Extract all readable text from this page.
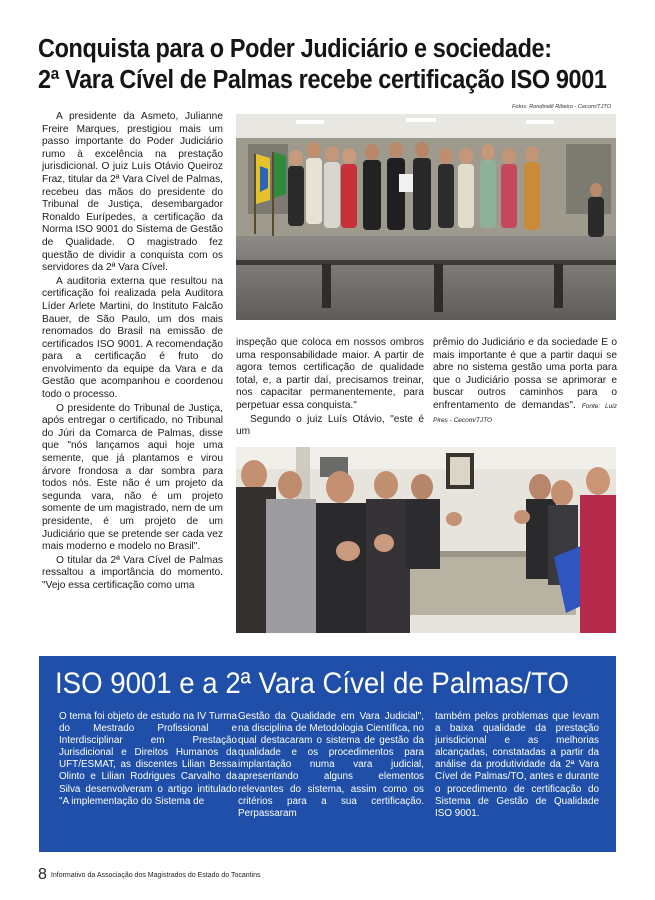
Conquista para o Poder Judiciário e sociedade:
2ª Vara Cível de Palmas recebe certificação ISO 9001
Fotos: Rondinelli Ribeiro - Cecom/TJTO

A presidente da Asmeto, Julianne Freire Marques, prestigiou mais um passo importante do Poder Judiciário rumo à excelência na prestação jurisdicional. O juiz Luís Otávio Queiroz Fraz, titular da 2ª Vara Cível de Palmas, recebeu das mãos do presidente do Tribunal de Justiça, desembargador Ronaldo Eurípedes, a certificação da Norma ISO 9001 do Sistema de Gestão de Qualidade. O magistrado fez questão de dividir a conquista com os servidores da 2ª Vara Cível.

A auditoria externa que resultou na certificação foi realizada pela Auditora Líder Arlete Martini, do Instituto Falcão Bauer, de São Paulo, um dos mais renomados do Brasil na emissão de certificados ISO 9001. A recomendação para a certificação é fruto do envolvimento da equipe da Vara e da Gestão que acompanhou e coordenou todo o processo.

O presidente do Tribunal de Justiça, após entregar o certificado, no Tribunal do Júri da Comarca de Palmas, disse que "nós lançamos aqui hoje uma semente, que já plantamos e virou árvore frondosa a dar sombra para todos nós. Este não é um projeto da segunda vara, não é um projeto somente de um magistrado, nem de um presidente, é um projeto de um Judiciário que se pretende ser cada vez mais moderno e modelo no Brasil".

O titular da 2ª Vara Cível de Palmas ressaltou a importância do momento. "Vejo essa certificação como uma

inspeção que coloca em nossos ombros uma responsabilidade maior. A partir de agora temos certificação de qualidade total, e, a partir daí, precisamos treinar, nos capacitar permanentemente, para perpetuar essa conquista."

Segundo o juiz Luís Otávio, "este é um

prêmio do Judiciário e da sociedade E o mais importante é que a partir daqui se abre no sistema gestão uma porta para que o Judiciário possa se aprimorar e buscar outros caminhos para o enfrentamento de demandas". Fonte: Luiz Pires - Cecom/TJTO

ISO 9001 e a 2ª Vara Cível de Palmas/TO
O tema foi objeto de estudo na IV Turma do Mestrado Profissional e Interdisciplinar em Prestação Jurisdicional e Direitos Humanos da UFT/ESMAT, as discentes Lilian Bessa Olinto e Lilian Rodrigues Carvalho da Silva desenvolveram o artigo intitulado "A implementação do Sistema de
Gestão da Qualidade em Vara Judicial", na disciplina de Metodologia Científica, no qual destacaram o sistema de gestão da qualidade e os procedimentos para implantação numa vara judicial, apresentando alguns elementos relevantes do sistema, assim como os critérios para a sua certificação. Perpassaram
também pelos problemas que levam a baixa qualidade da prestação jurisdicional e as melhorias alcançadas, constatadas a partir da análise da produtividade da 2ª Vara Cível de Palmas/TO, antes e durante o procedimento de certificação do Sistema de Gestão de Qualidade ISO 9001.
8 Informativo da Associação dos Magistrados do Estado do Tocantins
